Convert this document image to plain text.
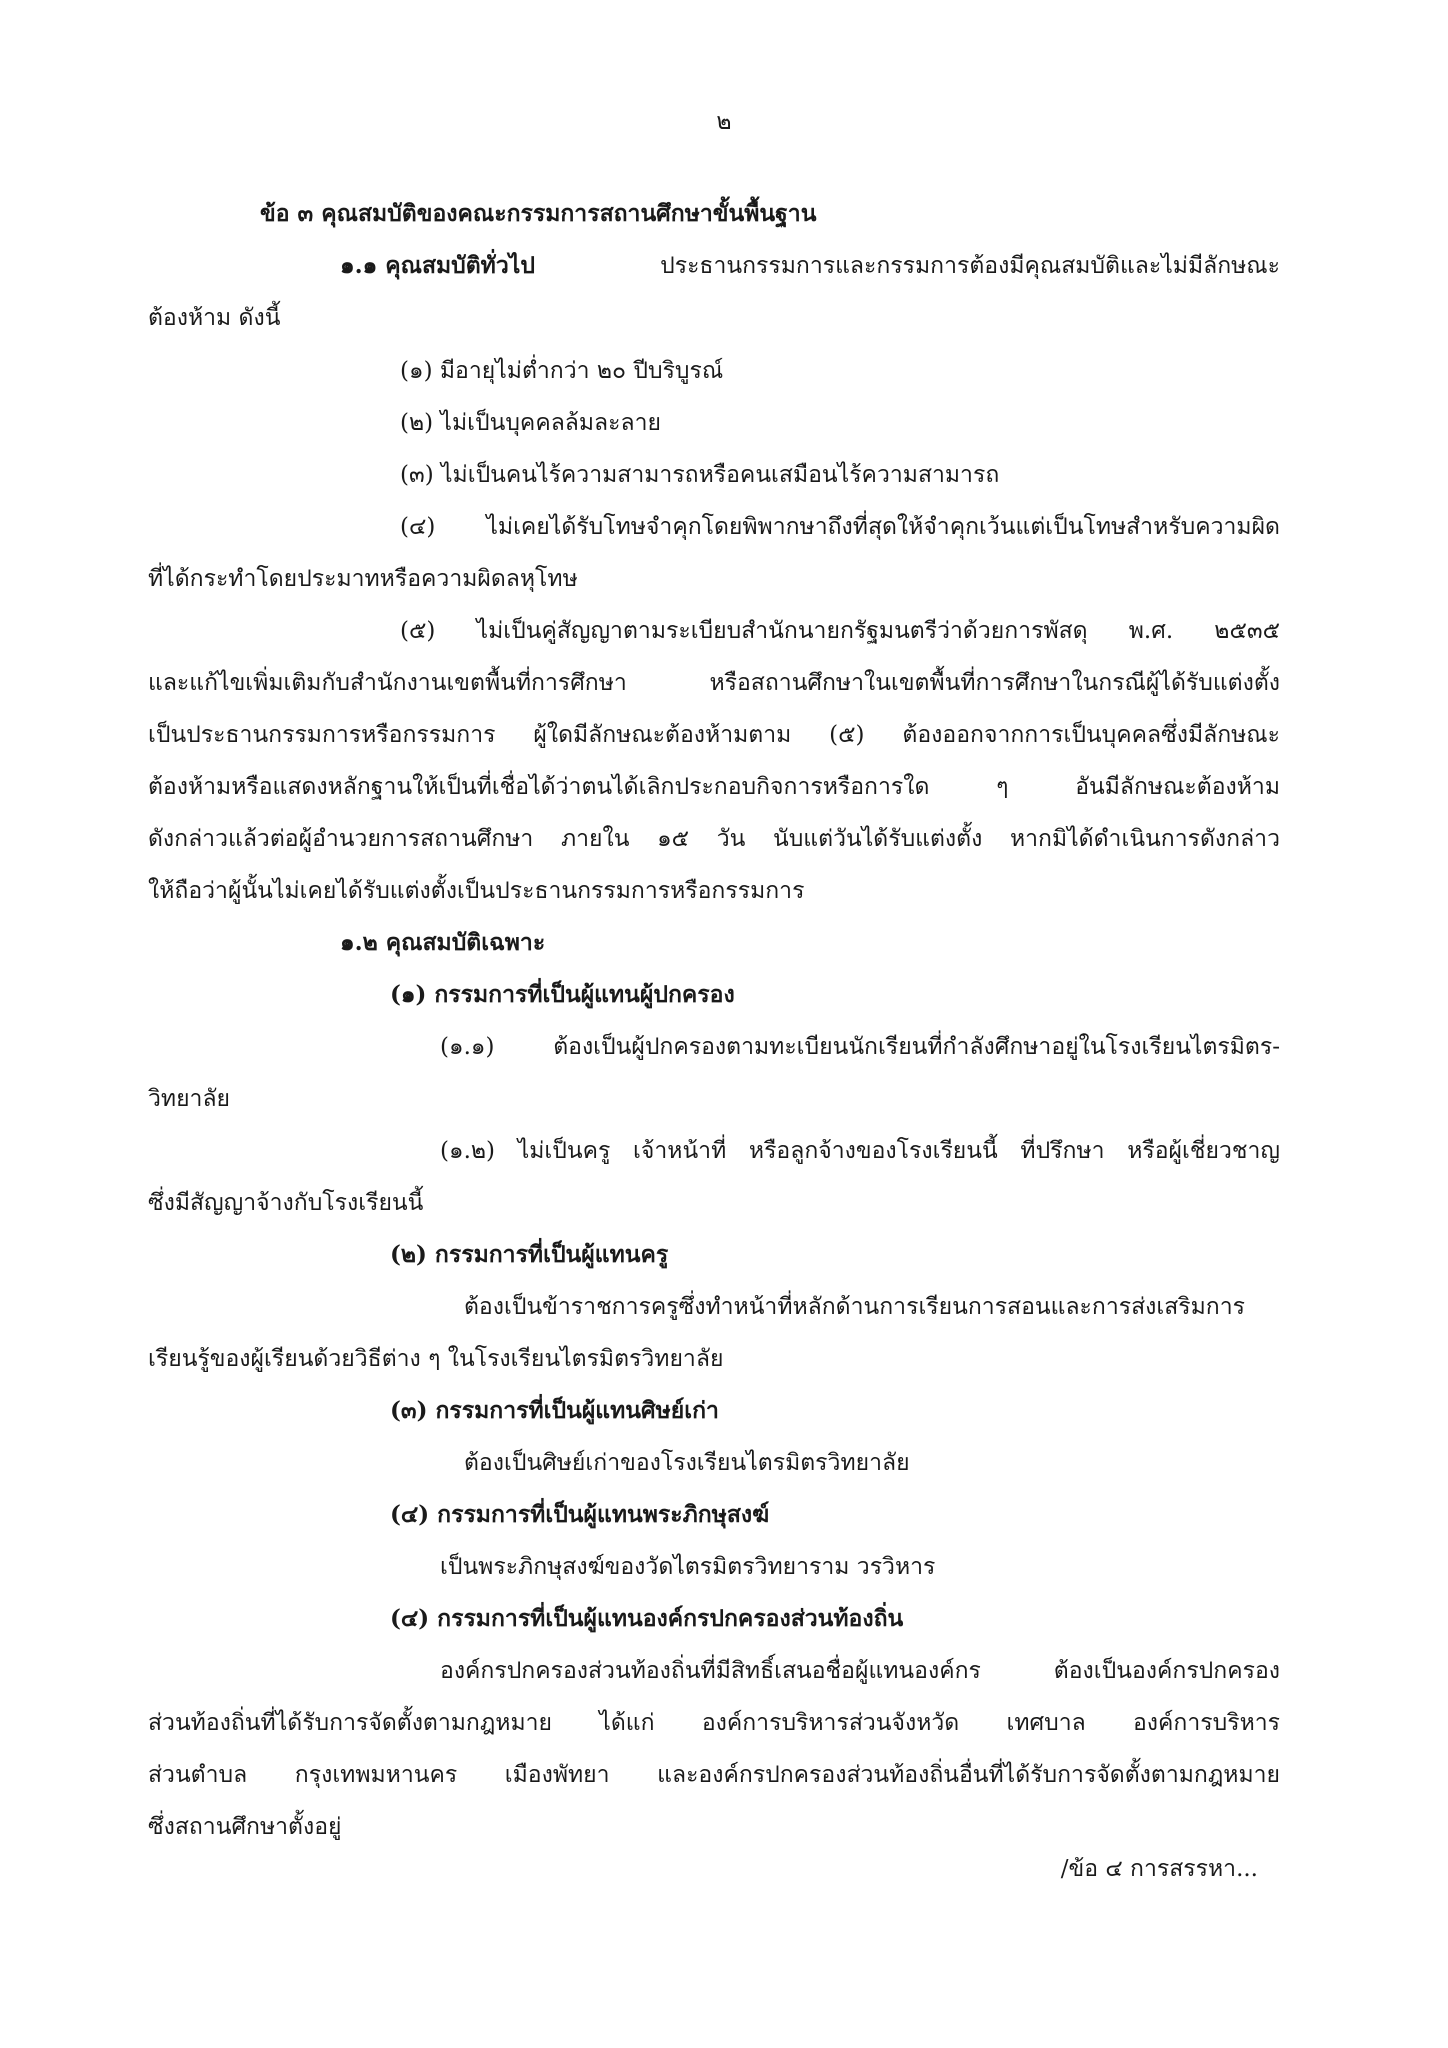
๒

ข้อ ๓ คุณสมบัติของคณะกรรมการสถานศึกษาขั้นพื้นฐาน

๑.๑ คุณสมบัติทั่วไป	ประธานกรรมการและกรรมการต้องมีคุณสมบัติและไม่มีลักษณะ

ต้องห้าม ดังนี้

(๑) มีอายุไม่ต่ำกว่า ๒๐ ปีบริบูรณ์

(๒) ไม่เป็นบุคคลล้มละลาย

(๓) ไม่เป็นคนไร้ความสามารถหรือคนเสมือนไร้ความสามารถ

(๔) ไม่เคยได้รับโทษจำคุกโดยพิพากษาถึงที่สุดให้จำคุกเว้นแต่เป็นโทษสำหรับความผิด

ที่ได้กระทำโดยประมาทหรือความผิดลหุโทษ

(๕) ไม่เป็นคู่สัญญาตามระเบียบสำนักนายกรัฐมนตรีว่าด้วยการพัสดุ พ.ศ. ๒๕๓๕

และแก้ไขเพิ่มเติมกับสำนักงานเขตพื้นที่การศึกษา หรือสถานศึกษาในเขตพื้นที่การศึกษาในกรณีผู้ได้รับแต่งตั้ง

เป็นประธานกรรมการหรือกรรมการ ผู้ใดมีลักษณะต้องห้ามตาม (๕) ต้องออกจากการเป็นบุคคลซึ่งมีลักษณะ

ต้องห้ามหรือแสดงหลักฐานให้เป็นที่เชื่อได้ว่าตนได้เลิกประกอบกิจการหรือการใด ๆ อันมีลักษณะต้องห้าม

ดังกล่าวแล้วต่อผู้อำนวยการสถานศึกษา ภายใน ๑๕ วัน นับแต่วันได้รับแต่งตั้ง หากมิได้ดำเนินการดังกล่าว

ให้ถือว่าผู้นั้นไม่เคยได้รับแต่งตั้งเป็นประธานกรรมการหรือกรรมการ

๑.๒ คุณสมบัติเฉพาะ

(๑) กรรมการที่เป็นผู้แทนผู้ปกครอง

(๑.๑) ต้องเป็นผู้ปกครองตามทะเบียนนักเรียนที่กำลังศึกษาอยู่ในโรงเรียนไตรมิตร-

วิทยาลัย

(๑.๒) ไม่เป็นครู เจ้าหน้าที่ หรือลูกจ้างของโรงเรียนนี้ ที่ปรึกษา หรือผู้เชี่ยวชาญ

ซึ่งมีสัญญาจ้างกับโรงเรียนนี้

(๒) กรรมการที่เป็นผู้แทนครู

ต้องเป็นข้าราชการครูซึ่งทำหน้าที่หลักด้านการเรียนการสอนและการส่งเสริมการ

เรียนรู้ของผู้เรียนด้วยวิธีต่าง ๆ ในโรงเรียนไตรมิตรวิทยาลัย

(๓) กรรมการที่เป็นผู้แทนศิษย์เก่า

ต้องเป็นศิษย์เก่าของโรงเรียนไตรมิตรวิทยาลัย

(๔) กรรมการที่เป็นผู้แทนพระภิกษุสงฆ์

เป็นพระภิกษุสงฆ์ของวัดไตรมิตรวิทยาราม วรวิหาร

(๔) กรรมการที่เป็นผู้แทนองค์กรปกครองส่วนท้องถิ่น

องค์กรปกครองส่วนท้องถิ่นที่มีสิทธิ์เสนอชื่อผู้แทนองค์กร ต้องเป็นองค์กรปกครอง

ส่วนท้องถิ่นที่ได้รับการจัดตั้งตามกฎหมาย ได้แก่ องค์การบริหารส่วนจังหวัด เทศบาล องค์การบริหาร

ส่วนตำบล กรุงเทพมหานคร เมืองพัทยา และองค์กรปกครองส่วนท้องถิ่นอื่นที่ได้รับการจัดตั้งตามกฎหมาย

ซึ่งสถานศึกษาตั้งอยู่

/ข้อ ๔ การสรรหา...
